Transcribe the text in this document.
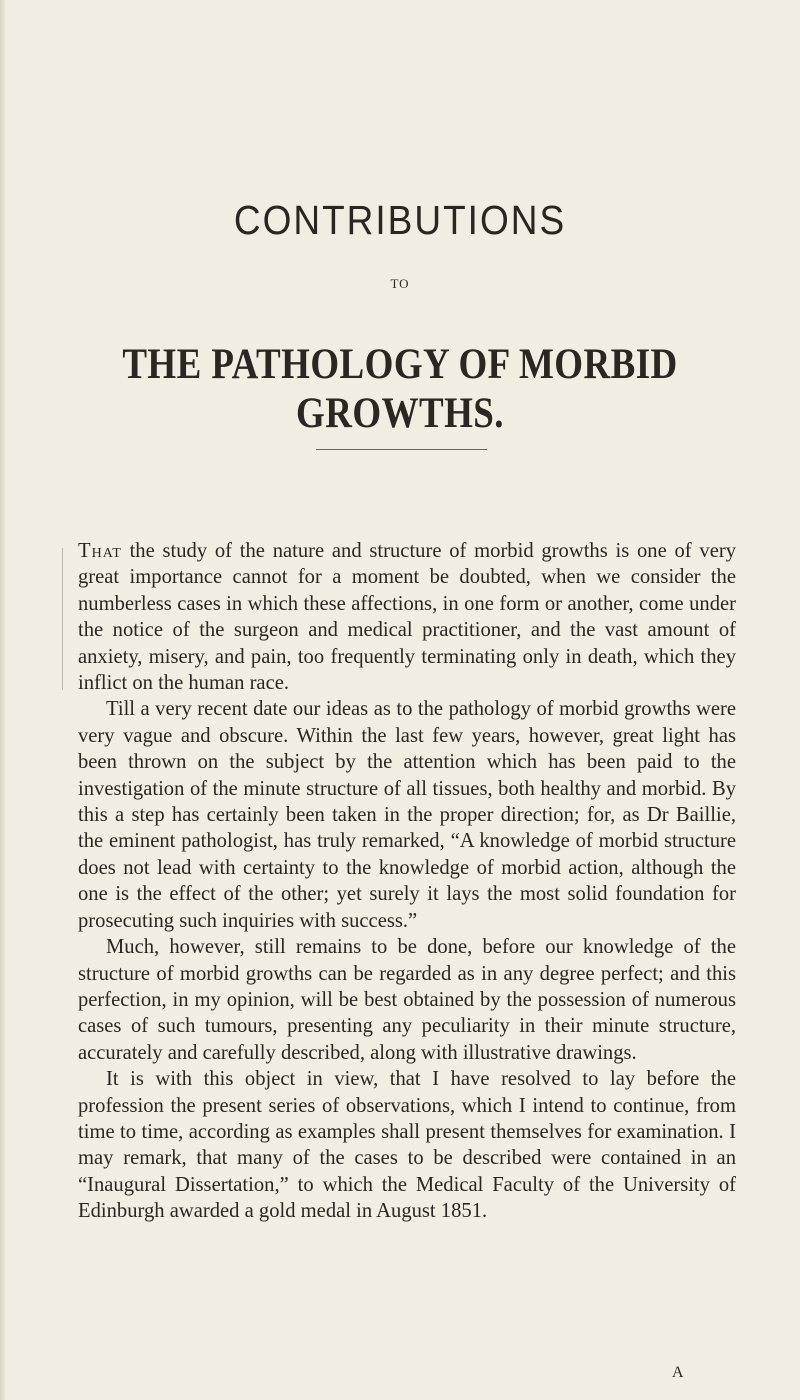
CONTRIBUTIONS
TO
THE PATHOLOGY OF MORBID GROWTHS.

That the study of the nature and structure of morbid growths is one of very great importance cannot for a moment be doubted, when we consider the numberless cases in which these affections, in one form or another, come under the notice of the surgeon and medical practitioner, and the vast amount of anxiety, misery, and pain, too frequently terminating only in death, which they inflict on the human race.

Till a very recent date our ideas as to the pathology of morbid growths were very vague and obscure. Within the last few years, however, great light has been thrown on the subject by the attention which has been paid to the investigation of the minute structure of all tissues, both healthy and morbid. By this a step has certainly been taken in the proper direction; for, as Dr Baillie, the eminent pathologist, has truly remarked, “A knowledge of morbid structure does not lead with certainty to the knowledge of morbid action, although the one is the effect of the other; yet surely it lays the most solid foundation for prosecuting such inquiries with success.”

Much, however, still remains to be done, before our knowledge of the structure of morbid growths can be regarded as in any degree perfect; and this perfection, in my opinion, will be best obtained by the possession of numerous cases of such tumours, presenting any peculiarity in their minute structure, accurately and carefully described, along with illustrative drawings.

It is with this object in view, that I have resolved to lay before the profession the present series of observations, which I intend to continue, from time to time, according as examples shall present themselves for examination. I may remark, that many of the cases to be described were contained in an “Inaugural Dissertation,” to which the Medical Faculty of the University of Edinburgh awarded a gold medal in August 1851.

A
